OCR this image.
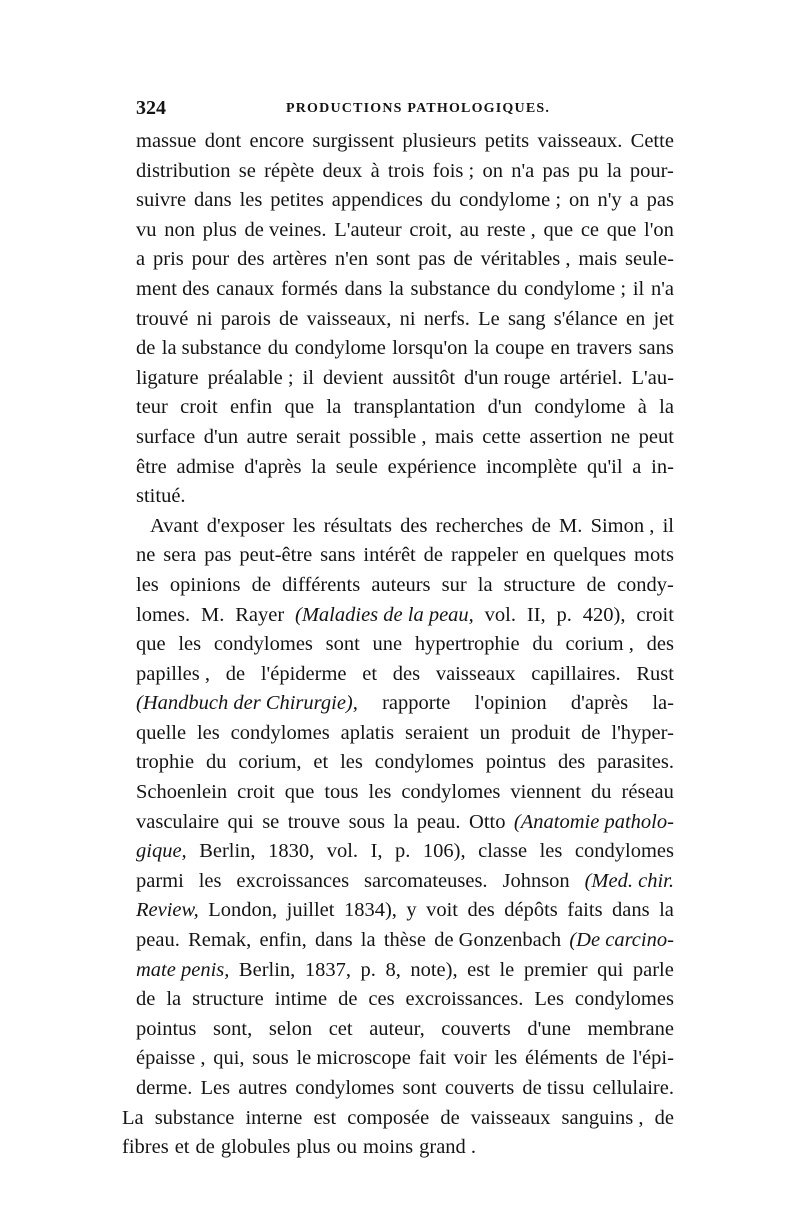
324	PRODUCTIONS PATHOLOGIQUES.
massue dont encore surgissent plusieurs petits vaisseaux. Cette
distribution se répète deux à trois fois ; on n'a pas pu la pour-
suivre dans les petites appendices du condylome ; on n'y a pas
vu non plus de veines. L'auteur croit, au reste , que ce que l'on
a pris pour des artères n'en sont pas de véritables , mais seule-
ment des canaux formés dans la substance du condylome ; il n'a
trouvé ni parois de vaisseaux, ni nerfs. Le sang s'élance en jet
de la substance du condylome lorsqu'on la coupe en travers sans
ligature préalable ; il devient aussitôt d'un rouge artériel. L'au-
teur croit enfin que la transplantation d'un condylome à la
surface d'un autre serait possible , mais cette assertion ne peut
être admise d'après la seule expérience incomplète qu'il a in-
stitué.
Avant d'exposer les résultats des recherches de M. Simon , il
ne sera pas peut-être sans intérêt de rappeler en quelques mots
les opinions de différents auteurs sur la structure de condy-
lomes. M. Rayer (Maladies de la peau, vol. II, p. 420), croit
que les condylomes sont une hypertrophie du corium , des
papilles , de l'épiderme et des vaisseaux capillaires. Rust
(Handbuch der Chirurgie), rapporte l'opinion d'après la-
quelle les condylomes aplatis seraient un produit de l'hyper-
trophie du corium, et les condylomes pointus des parasites.
Schoenlein croit que tous les condylomes viennent du réseau
vasculaire qui se trouve sous la peau. Otto (Anatomie patholo-
gique, Berlin, 1830, vol. I, p. 106), classe les condylomes
parmi les excroissances sarcomateuses. Johnson (Med. chir.
Review, London, juillet 1834), y voit des dépôts faits dans la
peau. Remak, enfin, dans la thèse de Gonzenbach (De carcino-
mate penis, Berlin, 1837, p. 8, note), est le premier qui parle
de la structure intime de ces excroissances. Les condylomes
pointus sont, selon cet auteur, couverts d'une membrane
épaisse , qui, sous le microscope fait voir les éléments de l'épi-
derme. Les autres condylomes sont couverts de tissu cellulaire.
La substance interne est composée de vaisseaux sanguins , de
fibres et de globules plus ou moins grand .
